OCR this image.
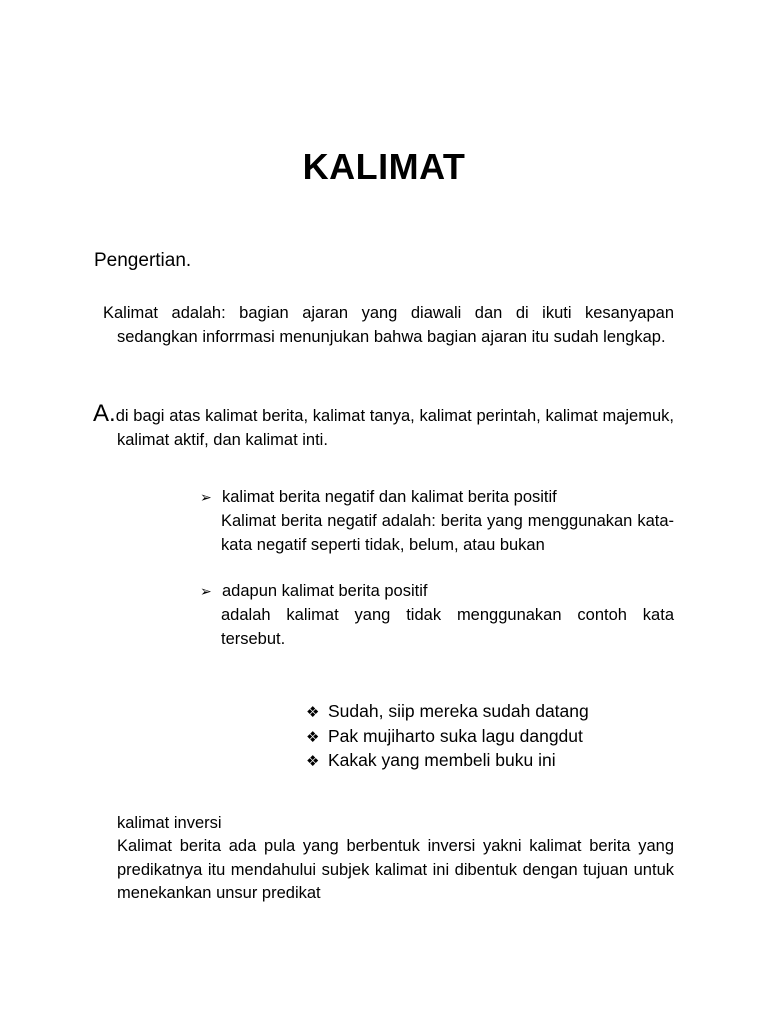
KALIMAT
Pengertian.
Kalimat adalah: bagian ajaran yang diawali dan di ikuti kesanyapan sedangkan inforrmasi menunjukan bahwa bagian ajaran itu sudah lengkap.
A.di bagi atas kalimat berita, kalimat tanya, kalimat perintah, kalimat majemuk, kalimat aktif, dan kalimat inti.
➢ kalimat berita negatif dan kalimat berita positif
Kalimat berita negatif adalah: berita yang menggunakan kata-kata negatif seperti tidak, belum, atau bukan
➢ adapun kalimat berita positif
adalah kalimat yang tidak menggunakan contoh kata tersebut.
❖ Sudah, siip mereka sudah datang
❖ Pak mujiharto suka lagu dangdut
❖ Kakak yang membeli buku ini
kalimat inversi
Kalimat berita ada pula yang berbentuk inversi yakni kalimat berita yang predikatnya itu mendahului subjek kalimat ini dibentuk dengan tujuan untuk menekankan unsur predikat
